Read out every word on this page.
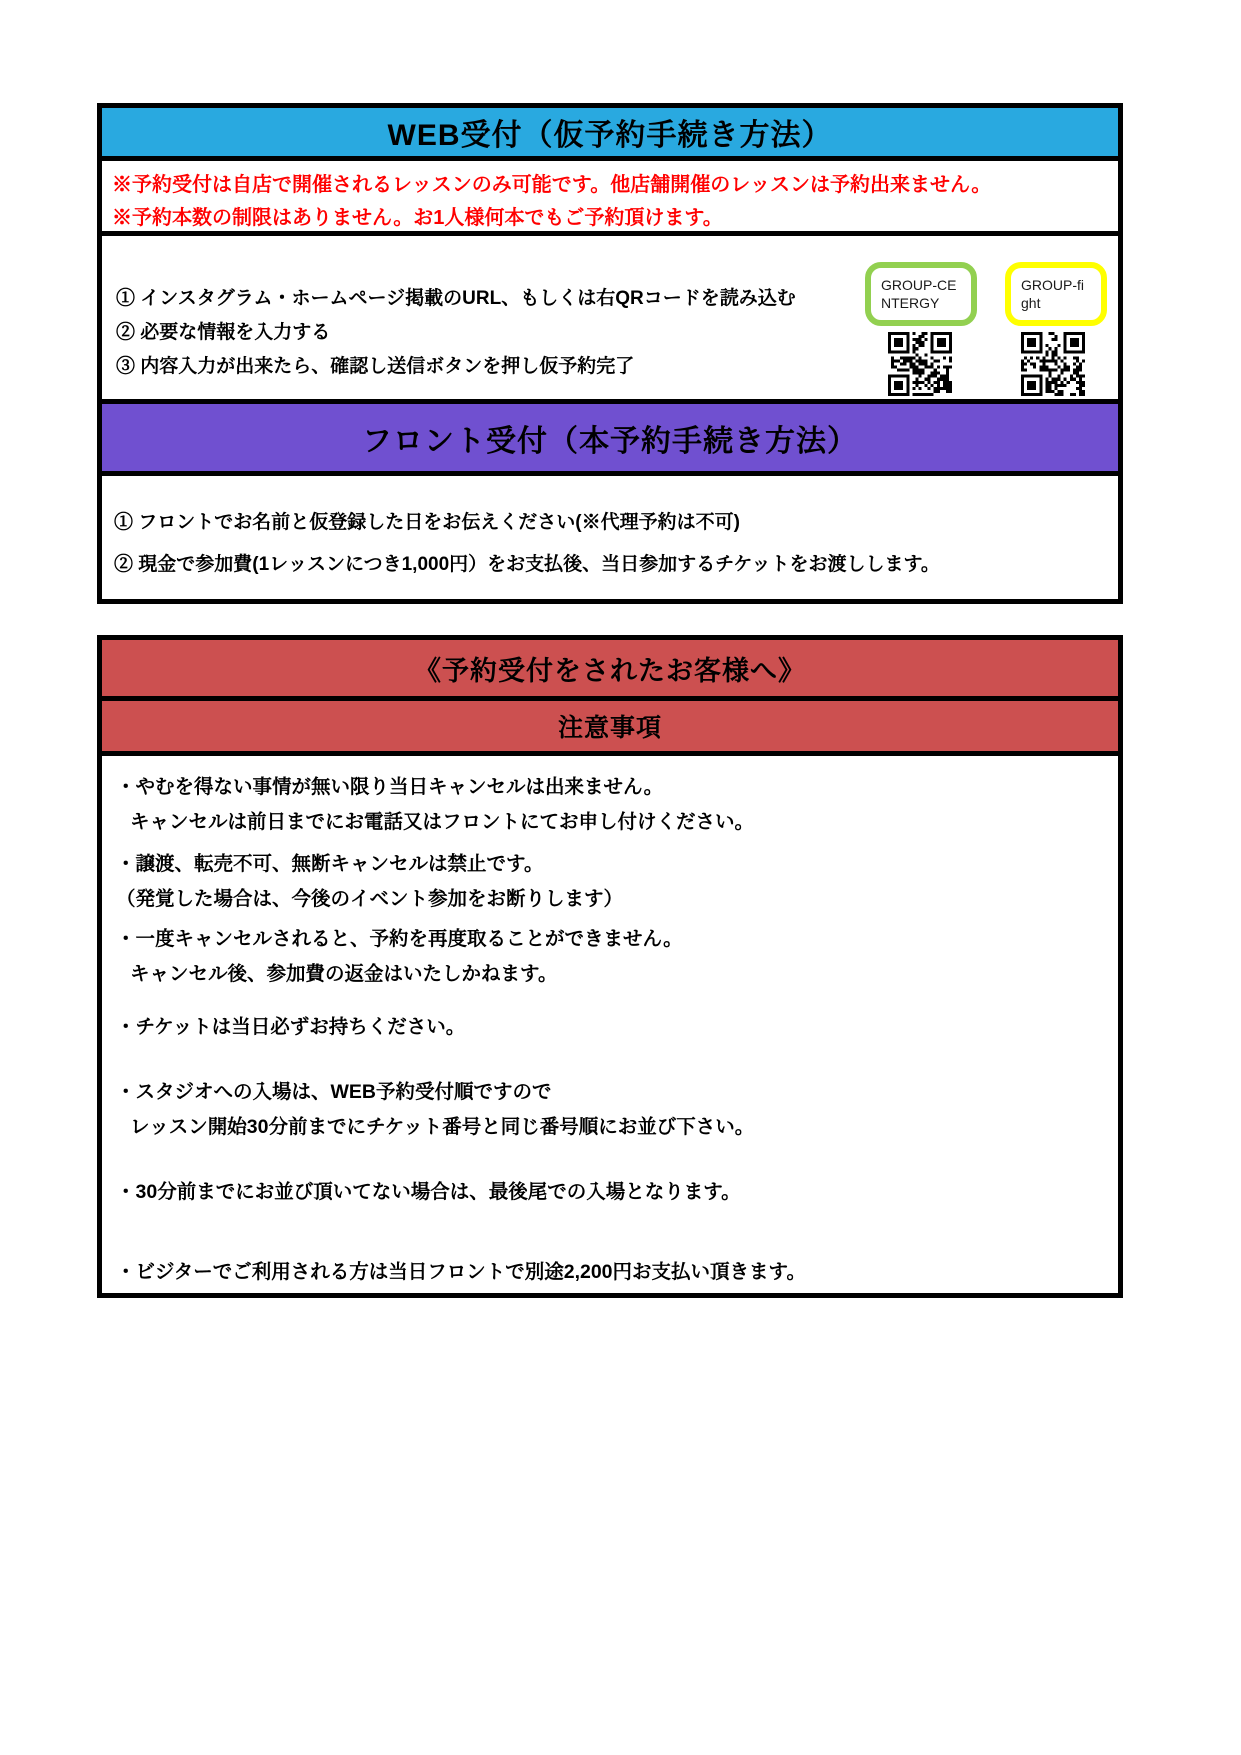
WEB受付（仮予約手続き方法）
※予約受付は自店で開催されるレッスンのみ可能です。他店舗開催のレッスンは予約出来ません。
※予約本数の制限はありません。お1人様何本でもご予約頂けます。
① インスタグラム・ホームページ掲載のURL、もしくは右QRコードを読み込む
② 必要な情報を入力する
③ 内容入力が出来たら、確認し送信ボタンを押し仮予約完了
GROUP-CENTERGY
GROUP-fight
フロント受付（本予約手続き方法）
① フロントでお名前と仮登録した日をお伝えください(※代理予約は不可)
② 現金で参加費(1レッスンにつき1,000円）をお支払後、当日参加するチケットをお渡しします。
《予約受付をされたお客様へ》
注意事項
・やむを得ない事情が無い限り当日キャンセルは出来ません。
キャンセルは前日までにお電話又はフロントにてお申し付けください。
・譲渡、転売不可、無断キャンセルは禁止です。
（発覚した場合は、今後のイベント参加をお断りします）
・一度キャンセルされると、予約を再度取ることができません。
キャンセル後、参加費の返金はいたしかねます。
・チケットは当日必ずお持ちください。
・スタジオへの入場は、WEB予約受付順ですので
レッスン開始30分前までにチケット番号と同じ番号順にお並び下さい。
・30分前までにお並び頂いてない場合は、最後尾での入場となります。
・ビジターでご利用される方は当日フロントで別途2,200円お支払い頂きます。
